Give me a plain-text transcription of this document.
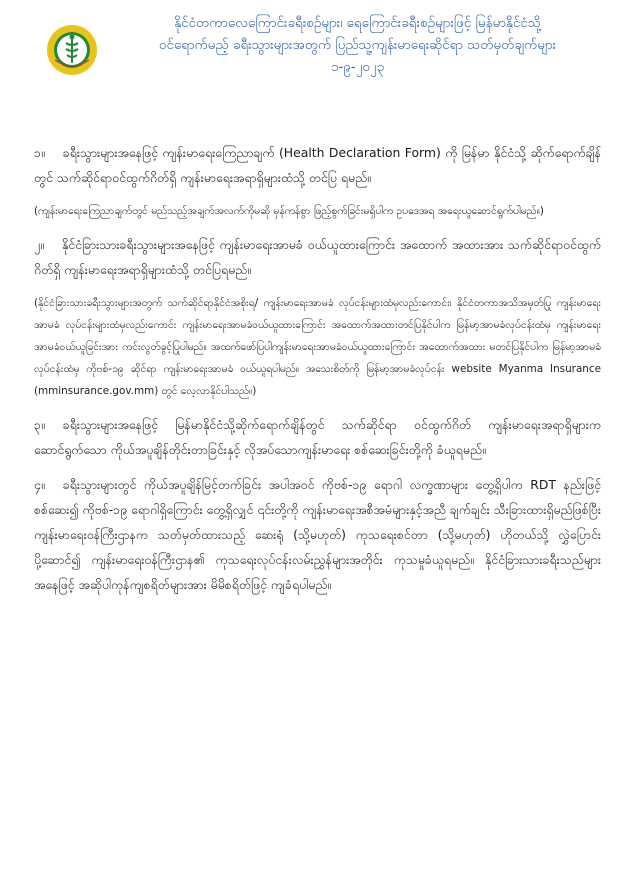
နိုင်ငံတကာလေကြောင်းခရီးစဉ်များ၊ ရေကြောင်းခရီးစဉ်များဖြင့် မြန်မာနိုင်ငံသို့
ဝင်ရောက်မည့် ခရီးသွားများအတွက် ပြည်သူ့ကျန်းမာရေးဆိုင်ရာ သတ်မှတ်ချက်များ
၁-၉-၂၀၂၃

၁။ ခရီးသွားများအနေဖြင့် ကျန်းမာရေးကြေညာချက် (Health Declaration Form) ကို မြန်မာ နိုင်ငံသို့ ဆိုက်ရောက်ချိန်တွင် သက်ဆိုင်ရာဝင်ထွက်ဂိတ်ရှိ ကျန်းမာရေးအရာရှိများထံသို့ တင်ပြ ရမည်။

(ကျန်းမာရေးကြေညာချက်တွင် မည်သည့်အချက်အလက်ကိုမဆို မှန်ကန်စွာ ဖြည့်စွက်ခြင်းမရှိပါက ဥပဒေအရ အရေးယူဆောင်ရွက်ပါမည်။)

၂။ နိုင်ငံခြားသားခရီးသွားများအနေဖြင့် ကျန်းမာရေးအာမခံ ဝယ်ယူထားကြောင်း အထောက် အထားအား သက်ဆိုင်ရာဝင်ထွက်ဂိတ်ရှိ ကျန်းမာရေးအရာရှိများထံသို့ တင်ပြရမည်။

(နိုင်ငံခြားသားခရီးသွားများအတွက် သက်ဆိုင်ရာနိုင်ငံအစိုးရ/ ကျန်းမာရေးအာမခံ လုပ်ငန်းများထံမှလည်းကောင်း၊ နိုင်ငံတကာအသိအမှတ်ပြု ကျန်းမာရေးအာမခံ လုပ်ငန်းများထံမှလည်းကောင်း ကျန်းမာရေးအာမခံဝယ်ယူထားကြောင်း အထောက်အထားတင်ပြနိုင်ပါက မြန်မာ့အာမခံလုပ်ငန်းထံမှ ကျန်းမာရေးအာမခံဝယ်ယူခြင်းအား ကင်းလွတ်ခွင့်ပြုပါမည်။ အထက်ဖော်ပြပါကျန်းမာရေးအာမခံဝယ်ယူထားကြောင်း အထောက်အထား မတင်ပြနိုင်ပါက မြန်မာ့အာမခံလုပ်ငန်းထံမှ ကိုဗစ်-၁၉ ဆိုင်ရာ ကျန်းမာရေးအာမခံ ဝယ်ယူရပါမည်။ အသေးစိတ်ကို မြန်မာ့အာမခံလုပ်ငန်း website Myanma Insurance (mminsurance.gov.mm) တွင် လေ့လာနိုင်ပါသည်။)

၃။ ခရီးသွားများအနေဖြင့် မြန်မာနိုင်ငံသို့ဆိုက်ရောက်ချိန်တွင် သက်ဆိုင်ရာ ဝင်ထွက်ဂိတ် ကျန်းမာရေးအရာရှိများက ဆောင်ရွက်သော ကိုယ်အပူချိန်တိုင်းတာခြင်းနှင့် လိုအပ်သောကျန်းမာရေး စစ်ဆေးခြင်းတို့ကို ခံယူရမည်။

၄။ ခရီးသွားများတွင် ကိုယ်အပူချိန်မြင့်တက်ခြင်း အပါအဝင် ကိုဗစ်-၁၉ ရောဂါ လက္ခဏာများ တွေ့ရှိပါက RDT နည်းဖြင့် စစ်ဆေး၍ ကိုဗစ်-၁၉ ရောဂါရှိကြောင်း တွေ့ရှိလျှင် ၎င်းတို့ကို ကျန်းမာရေးအစီအမံများနှင့်အညီ ချက်ချင်း သီးခြားထားရှိမည်ဖြစ်ပြီး ကျန်းမာရေးဝန်ကြီးဌာနက သတ်မှတ်ထားသည့် ဆေးရုံ (သို့မဟုတ်) ကုသရေးစင်တာ (သို့မဟုတ်) ဟိုတယ်သို့ လွှဲပြောင်း ပို့ဆောင်၍ ကျန်းမာရေးဝန်ကြီးဌာန၏ ကုသရေးလုပ်ငန်းလမ်းညွှန်များအတိုင်း ကုသမှုခံယူရမည်။ နိုင်ငံခြားသားခရီးသည်များအနေဖြင့် အဆိုပါကုန်ကျစရိတ်များအား မိမိစရိတ်ဖြင့် ကျခံရပါမည်။
